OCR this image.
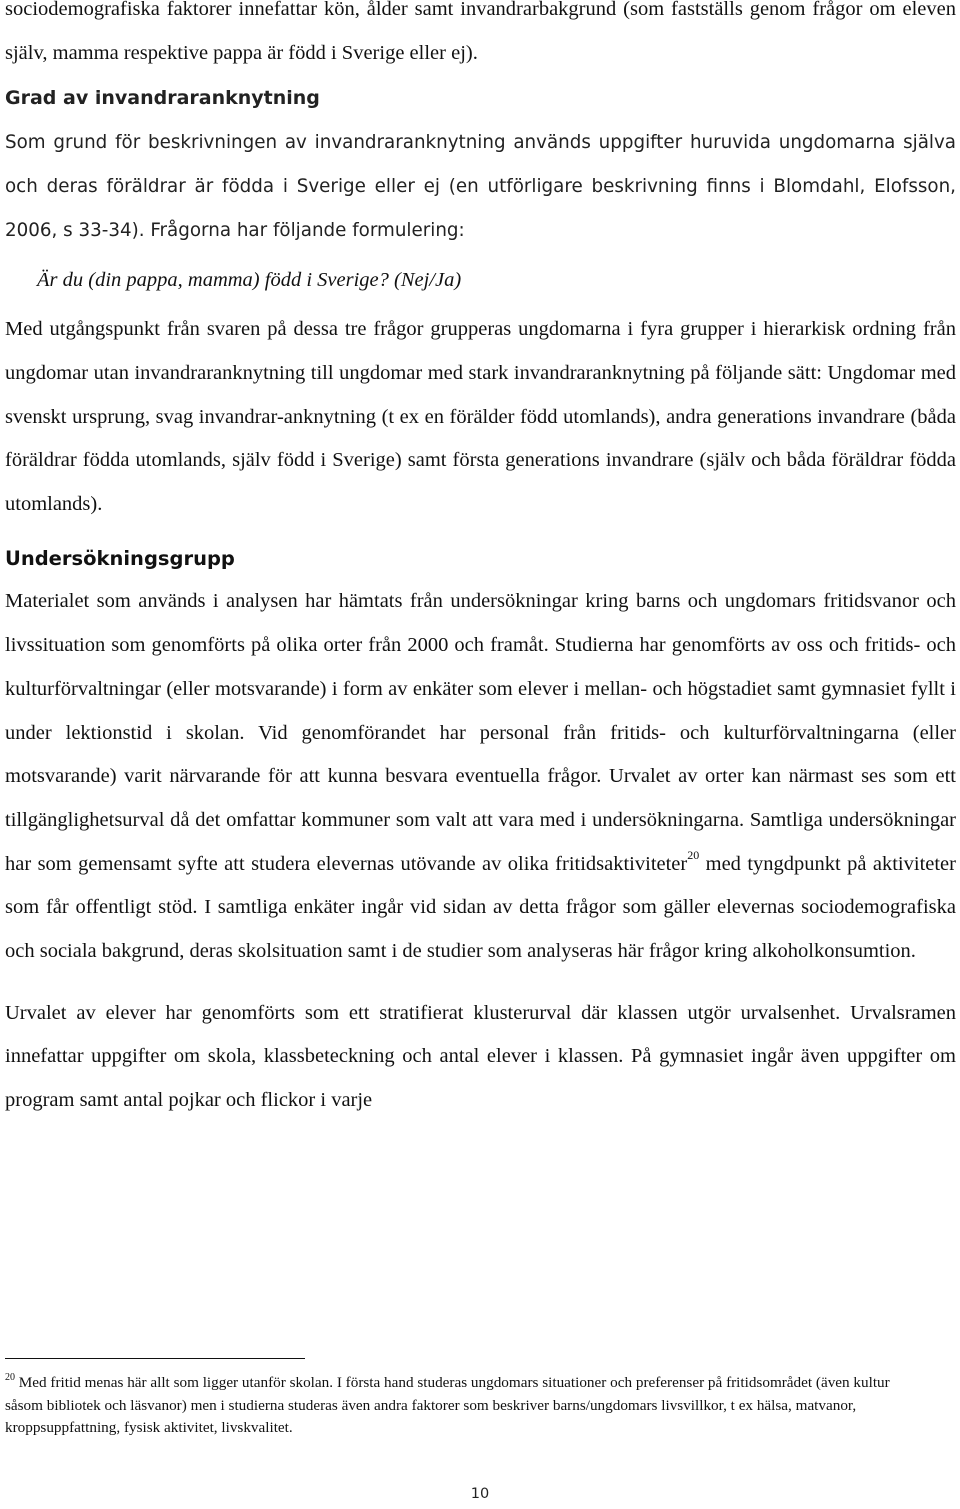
sociodemografiska faktorer innefattar kön, ålder samt invandrarbakgrund (som fastställs genom frågor om eleven själv, mamma respektive pappa är född i Sverige eller ej).

Grad av invandraranknytning

Som grund för beskrivningen av invandraranknytning används uppgifter huruvida ungdomarna själva och deras föräldrar är födda i Sverige eller ej (en utförligare beskrivning finns i Blomdahl, Elofsson, 2006, s 33-34). Frågorna har följande formulering:

Är du (din pappa, mamma) född i Sverige? (Nej/Ja)

Med utgångspunkt från svaren på dessa tre frågor grupperas ungdomarna i fyra grupper i hierarkisk ordning från ungdomar utan invandraranknytning till ungdomar med stark invandraranknytning på följande sätt: Ungdomar med svenskt ursprung, svag invandrar-anknytning (t ex en förälder född utomlands), andra generations invandrare (båda föräldrar födda utomlands, själv född i Sverige) samt första generations invandrare (själv och båda föräldrar födda utomlands).

Undersökningsgrupp

Materialet som används i analysen har hämtats från undersökningar kring barns och ungdomars fritidsvanor och livssituation som genomförts på olika orter från 2000 och framåt. Studierna har genomförts av oss och fritids- och kulturförvaltningar (eller motsvarande) i form av enkäter som elever i mellan- och högstadiet samt gymnasiet fyllt i under lektionstid i skolan. Vid genomförandet har personal från fritids- och kulturförvaltningarna (eller motsvarande) varit närvarande för att kunna besvara eventuella frågor. Urvalet av orter kan närmast ses som ett tillgänglighetsurval då det omfattar kommuner som valt att vara med i undersökningarna. Samtliga undersökningar har som gemensamt syfte att studera elevernas utövande av olika fritidsaktiviteter$^{20}$ med tyngdpunkt på aktiviteter som får offentligt stöd. I samtliga enkäter ingår vid sidan av detta frågor som gäller elevernas sociodemografiska och sociala bakgrund, deras skolsituation samt i de studier som analyseras här frågor kring alkoholkonsumtion.

Urvalet av elever har genomförts som ett stratifierat klusterurval där klassen utgör urvalsenhet. Urvalsramen innefattar uppgifter om skola, klassbeteckning och antal elever i klassen. På gymnasiet ingår även uppgifter om program samt antal pojkar och flickor i varje

$^{20}$ Med fritid menas här allt som ligger utanför skolan. I första hand studeras ungdomars situationer och preferenser på fritidsområdet (även kultur såsom bibliotek och läsvanor) men i studierna studeras även andra faktorer som beskriver barns/ungdomars livsvillkor, t ex hälsa, matvanor, kroppsuppfattning, fysisk aktivitet, livskvalitet.
10
